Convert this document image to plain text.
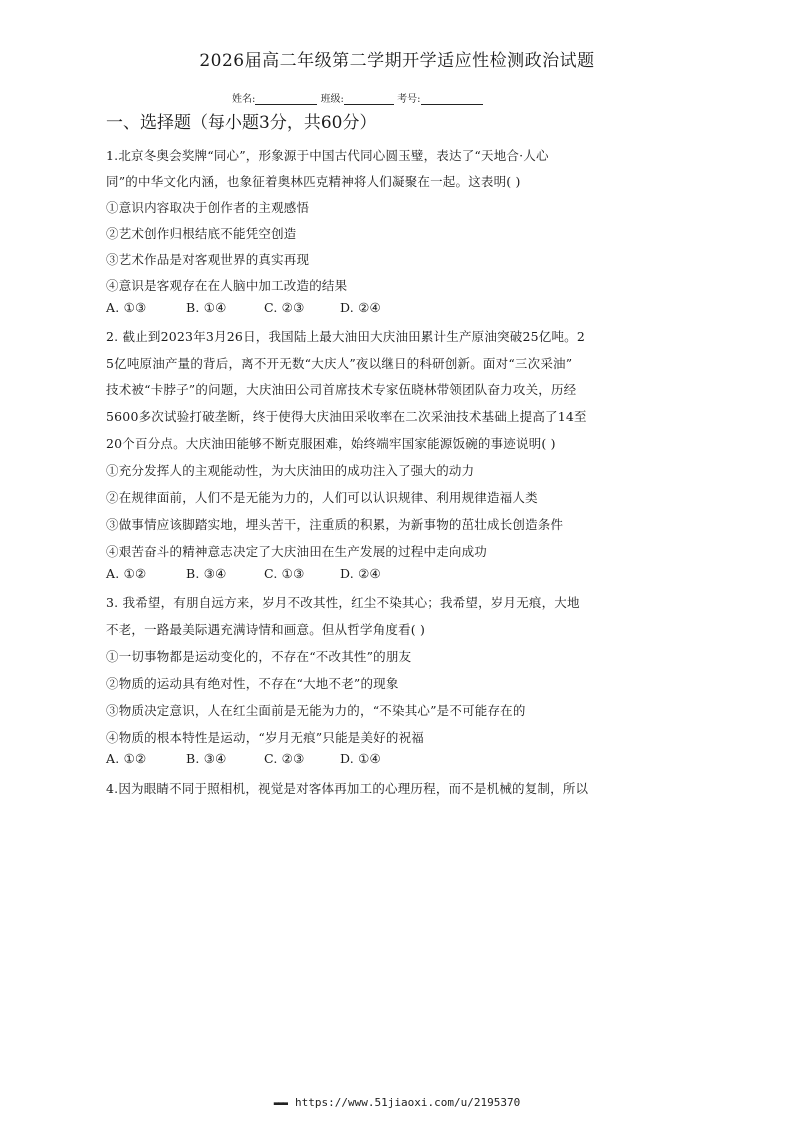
2026届高二年级第二学期开学适应性检测政治试题
姓名:	班级:	考号:
一、选择题（每小题3分，共60分）
1.北京冬奥会奖牌“同心”，形象源于中国古代同心圆玉璧，表达了“天地合·人心
同”的中华文化内涵，也象征着奥林匹克精神将人们凝聚在一起。这表明( )
①意识内容取决于创作者的主观感悟
②艺术创作归根结底不能凭空创造
③艺术作品是对客观世界的真实再现
④意识是客观存在在人脑中加工改造的结果
A. ①③	B. ①④	C. ②③	D. ②④
2. 截止到2023年3月26日，我国陆上最大油田大庆油田累计生产原油突破25亿吨。2
5亿吨原油产量的背后，离不开无数“大庆人”夜以继日的科研创新。面对“三次采油”
技术被“卡脖子”的问题，大庆油田公司首席技术专家伍晓林带领团队奋力攻关，历经
5600多次试验打破垄断，终于使得大庆油田采收率在二次采油技术基础上提高了14至
20个百分点。大庆油田能够不断克服困难，始终端牢国家能源饭碗的事迹说明( )
①充分发挥人的主观能动性，为大庆油田的成功注入了强大的动力
②在规律面前，人们不是无能为力的，人们可以认识规律、利用规律造福人类
③做事情应该脚踏实地，埋头苦干，注重质的积累，为新事物的茁壮成长创造条件
④艰苦奋斗的精神意志决定了大庆油田在生产发展的过程中走向成功
A. ①②	B. ③④	C. ①③	D. ②④
3. 我希望，有朋自远方来，岁月不改其性，红尘不染其心；我希望，岁月无痕，大地
不老，一路最美际遇充满诗情和画意。但从哲学角度看( )
①一切事物都是运动变化的，不存在“不改其性”的朋友
②物质的运动具有绝对性，不存在“大地不老”的现象
③物质决定意识，人在红尘面前是无能为力的，“不染其心”是不可能存在的
④物质的根本特性是运动，“岁月无痕”只能是美好的祝福
A. ①②	B. ③④	C. ②③	D. ①④
4.因为眼睛不同于照相机，视觉是对客体再加工的心理历程，而不是机械的复制，所以
▬▬▬ https://www.51jiaoxi.com/u/2195370
